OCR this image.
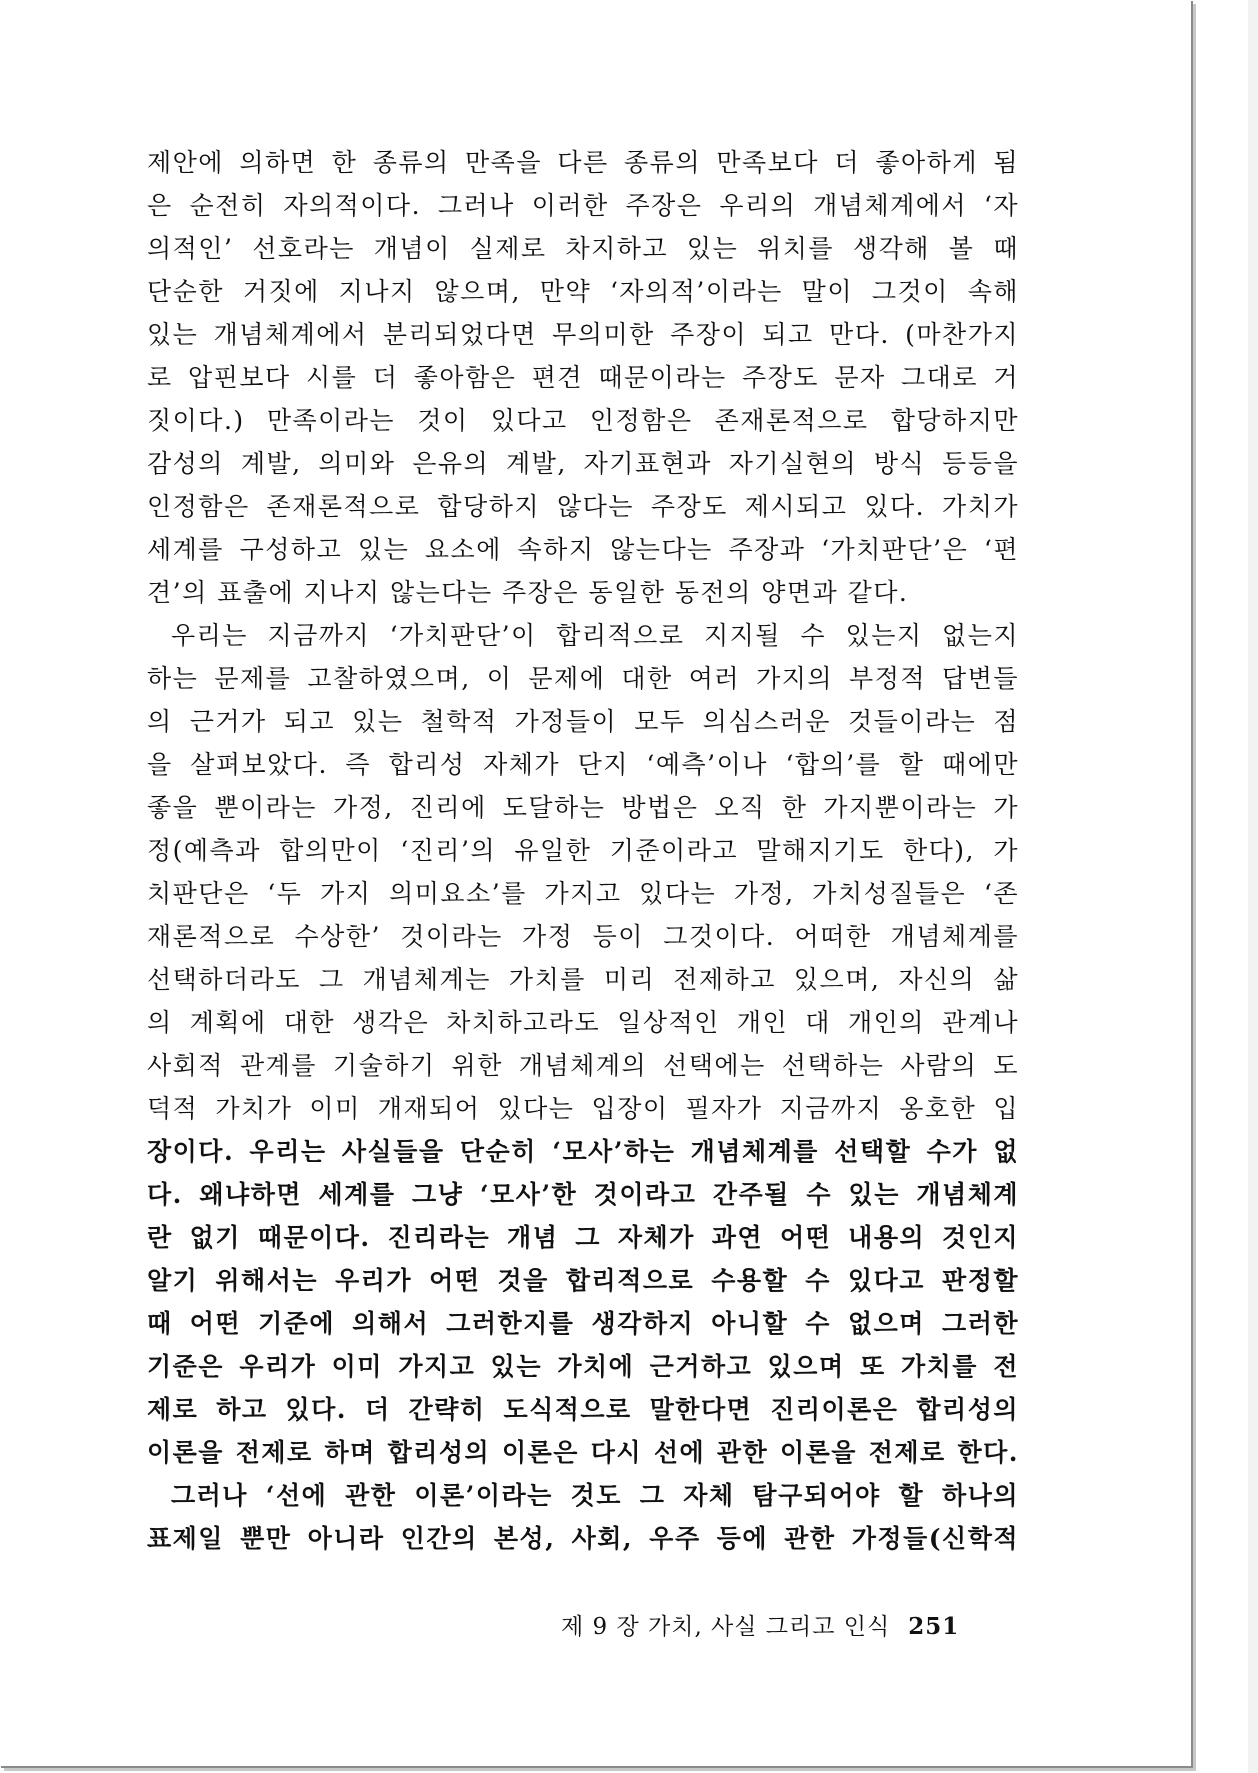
제안에 의하면 한 종류의 만족을 다른 종류의 만족보다 더 좋아하게 됨
은 순전히 자의적이다. 그러나 이러한 주장은 우리의 개념체계에서 ‘자
의적인’ 선호라는 개념이 실제로 차지하고 있는 위치를 생각해 볼 때
단순한 거짓에 지나지 않으며, 만약 ‘자의적’이라는 말이 그것이 속해
있는 개념체계에서 분리되었다면 무의미한 주장이 되고 만다. (마찬가지
로 압핀보다 시를 더 좋아함은 편견 때문이라는 주장도 문자 그대로 거
짓이다.) 만족이라는 것이 있다고 인정함은 존재론적으로 합당하지만
감성의 계발, 의미와 은유의 계발, 자기표현과 자기실현의 방식 등등을
인정함은 존재론적으로 합당하지 않다는 주장도 제시되고 있다. 가치가
세계를 구성하고 있는 요소에 속하지 않는다는 주장과 ‘가치판단’은 ‘편
견’의 표출에 지나지 않는다는 주장은 동일한 동전의 양면과 같다.
우리는 지금까지 ‘가치판단’이 합리적으로 지지될 수 있는지 없는지
하는 문제를 고찰하였으며, 이 문제에 대한 여러 가지의 부정적 답변들
의 근거가 되고 있는 철학적 가정들이 모두 의심스러운 것들이라는 점
을 살펴보았다. 즉 합리성 자체가 단지 ‘예측’이나 ‘합의’를 할 때에만
좋을 뿐이라는 가정, 진리에 도달하는 방법은 오직 한 가지뿐이라는 가
정(예측과 합의만이 ‘진리’의 유일한 기준이라고 말해지기도 한다), 가
치판단은 ‘두 가지 의미요소’를 가지고 있다는 가정, 가치성질들은 ‘존
재론적으로 수상한’ 것이라는 가정 등이 그것이다. 어떠한 개념체계를
선택하더라도 그 개념체계는 가치를 미리 전제하고 있으며, 자신의 삶
의 계획에 대한 생각은 차치하고라도 일상적인 개인 대 개인의 관계나
사회적 관계를 기술하기 위한 개념체계의 선택에는 선택하는 사람의 도
덕적 가치가 이미 개재되어 있다는 입장이 필자가 지금까지 옹호한 입
장이다. 우리는 사실들을 단순히 ‘모사’하는 개념체계를 선택할 수가 없
다. 왜냐하면 세계를 그냥 ‘모사’한 것이라고 간주될 수 있는 개념체계
란 없기 때문이다. 진리라는 개념 그 자체가 과연 어떤 내용의 것인지
알기 위해서는 우리가 어떤 것을 합리적으로 수용할 수 있다고 판정할
때 어떤 기준에 의해서 그러한지를 생각하지 아니할 수 없으며 그러한
기준은 우리가 이미 가지고 있는 가치에 근거하고 있으며 또 가치를 전
제로 하고 있다. 더 간략히 도식적으로 말한다면 진리이론은 합리성의
이론을 전제로 하며 합리성의 이론은 다시 선에 관한 이론을 전제로 한다.
그러나 ‘선에 관한 이론’이라는 것도 그 자체 탐구되어야 할 하나의
표제일 뿐만 아니라 인간의 본성, 사회, 우주 등에 관한 가정들(신학적
제 9 장 가치, 사실 그리고 인식 251
